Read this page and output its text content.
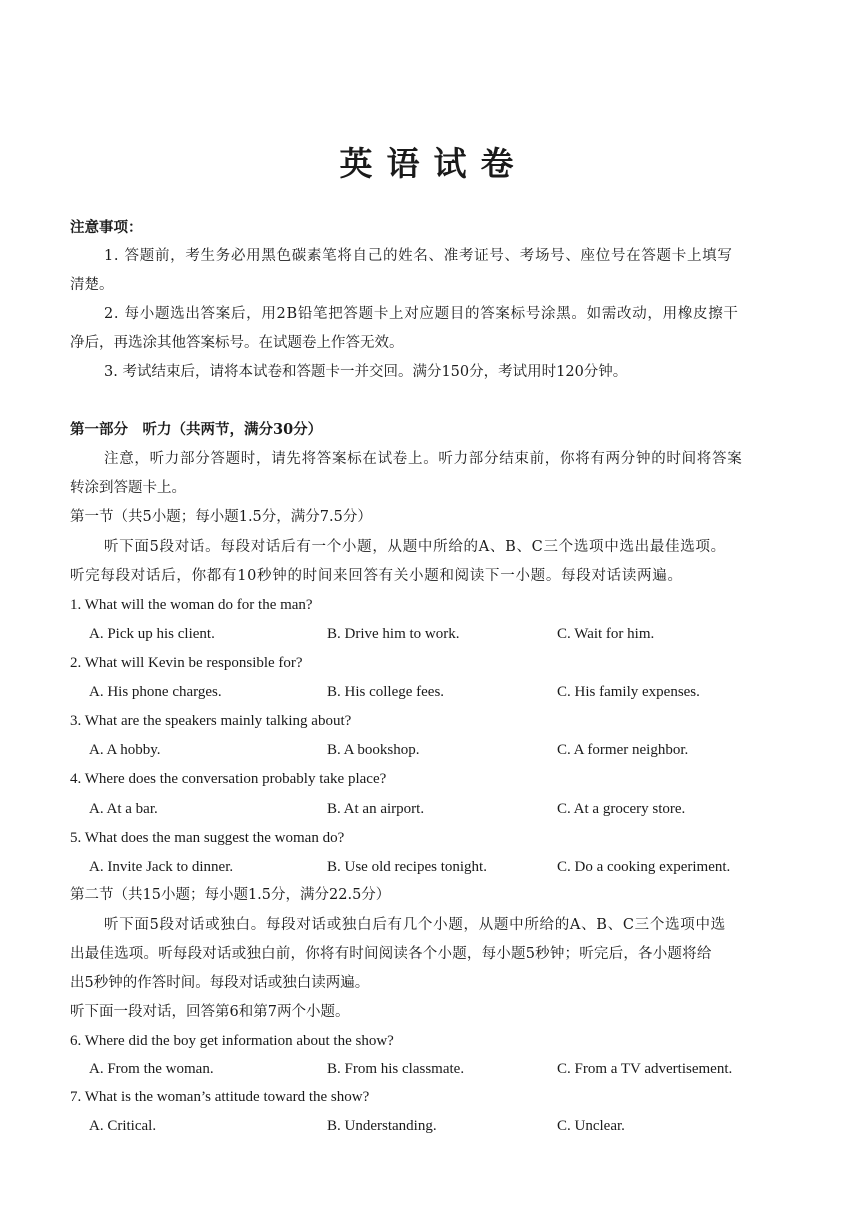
英语试卷
注意事项：
1. 答题前，考生务必用黑色碳素笔将自己的姓名、准考证号、考场号、座位号在答题卡上填写
清楚。
2. 每小题选出答案后，用2B铅笔把答题卡上对应题目的答案标号涂黑。如需改动，用橡皮擦干
净后，再选涂其他答案标号。在试题卷上作答无效。
3. 考试结束后，请将本试卷和答题卡一并交回。满分150分，考试用时120分钟。
第一部分　听力（共两节，满分30分）
注意，听力部分答题时，请先将答案标在试卷上。听力部分结束前，你将有两分钟的时间将答案
转涂到答题卡上。
第一节（共5小题；每小题1.5分，满分7.5分）
听下面5段对话。每段对话后有一个小题，从题中所给的A、B、C三个选项中选出最佳选项。
听完每段对话后，你都有10秒钟的时间来回答有关小题和阅读下一小题。每段对话读两遍。
1. What will the woman do for the man?
A. Pick up his client.	B. Drive him to work.	C. Wait for him.
2. What will Kevin be responsible for?
A. His phone charges.	B. His college fees.	C. His family expenses.
3. What are the speakers mainly talking about?
A. A hobby.	B. A bookshop.	C. A former neighbor.
4. Where does the conversation probably take place?
A. At a bar.	B. At an airport.	C. At a grocery store.
5. What does the man suggest the woman do?
A. Invite Jack to dinner.	B. Use old recipes tonight.	C. Do a cooking experiment.
第二节（共15小题；每小题1.5分，满分22.5分）
听下面5段对话或独白。每段对话或独白后有几个小题，从题中所给的A、B、C三个选项中选
出最佳选项。听每段对话或独白前，你将有时间阅读各个小题，每小题5秒钟；听完后，各小题将给
出5秒钟的作答时间。每段对话或独白读两遍。
听下面一段对话，回答第6和第7两个小题。
6. Where did the boy get information about the show?
A. From the woman.	B. From his classmate.	C. From a TV advertisement.
7. What is the woman’s attitude toward the show?
A. Critical.	B. Understanding.	C. Unclear.
